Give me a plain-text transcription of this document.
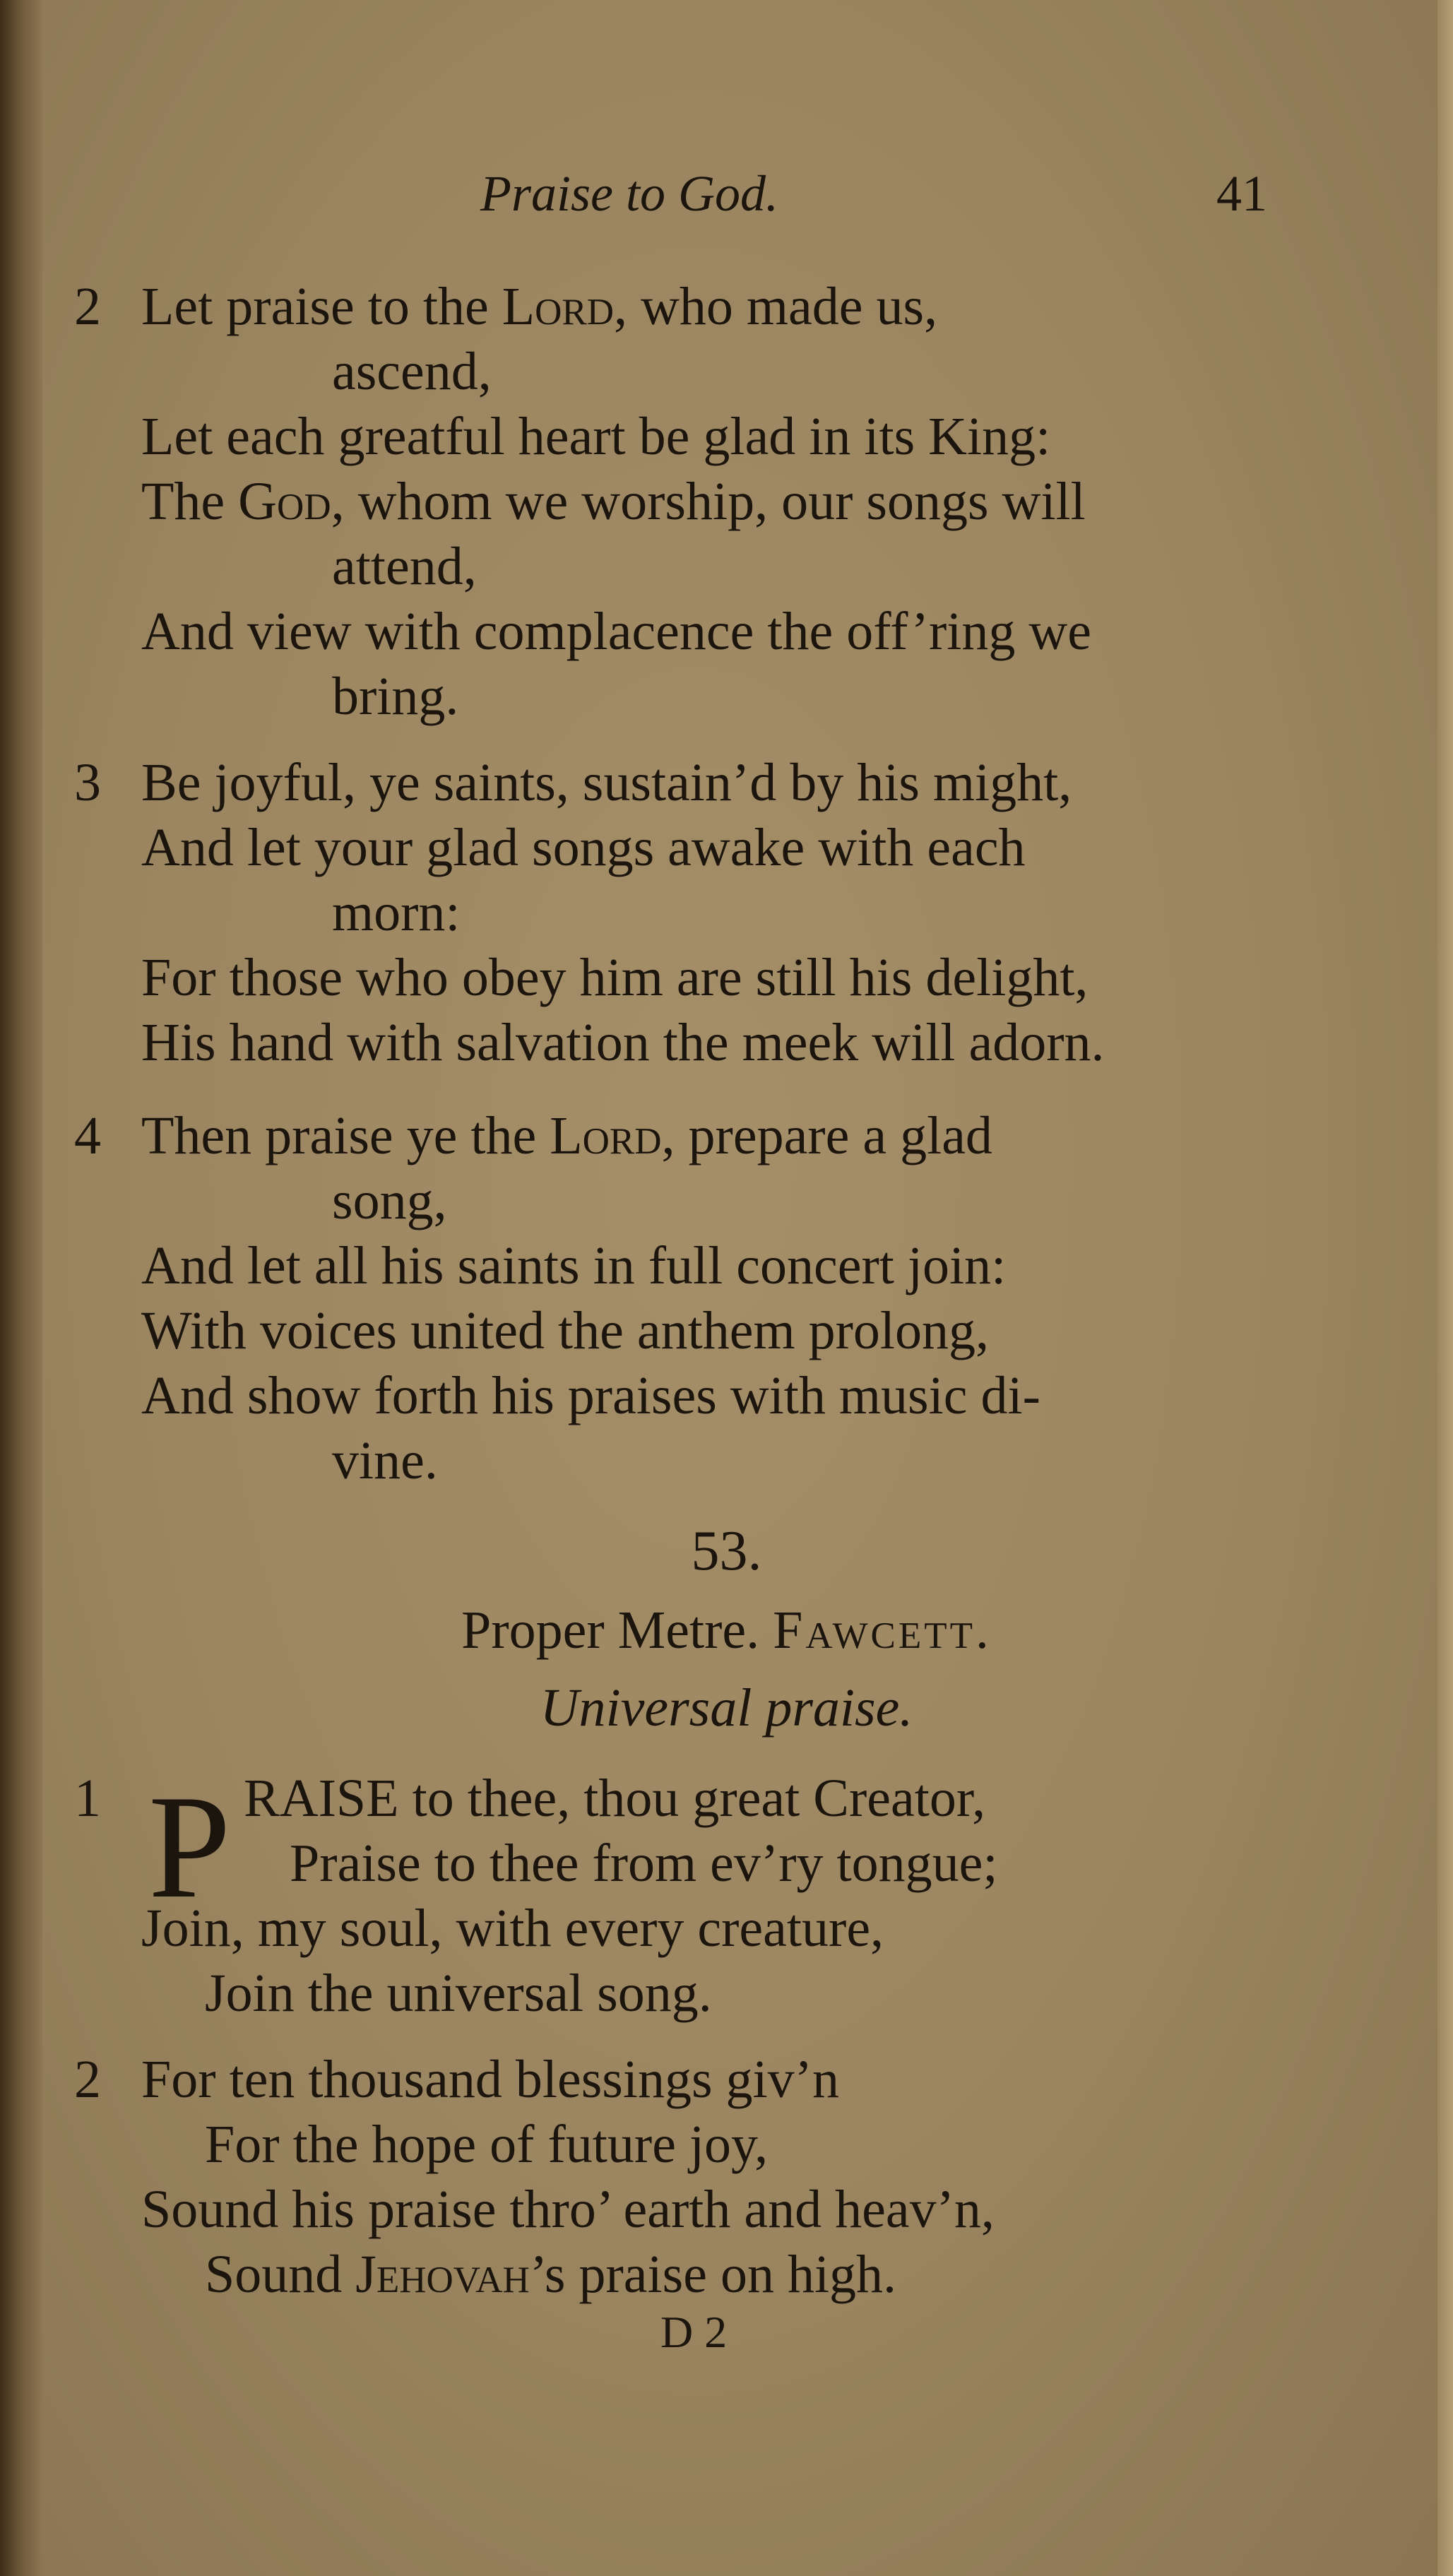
Praise to God.	41
2 Let praise to the Lord, who made us,
ascend,
Let each greatful heart be glad in its King:
The God, whom we worship, our songs will
attend,
And view with complacence the off’ring we
bring.
3 Be joyful, ye saints, sustain’d by his might,
And let your glad songs awake with each
morn:
For those who obey him are still his delight,
His hand with salvation the meek will adorn.
4 Then praise ye the Lord, prepare a glad
song,
And let all his saints in full concert join:
With voices united the anthem prolong,
And show forth his praises with music di-
vine.
53.
Proper Metre. Fawcett.
Universal praise.
1 P RAISE to thee, thou great Creator,
Praise to thee from ev’ry tongue;
Join, my soul, with every creature,
Join the universal song.
2 For ten thousand blessings giv’n
For the hope of future joy,
Sound his praise thro’ earth and heav’n,
Sound Jehovah’s praise on high.
D 2
